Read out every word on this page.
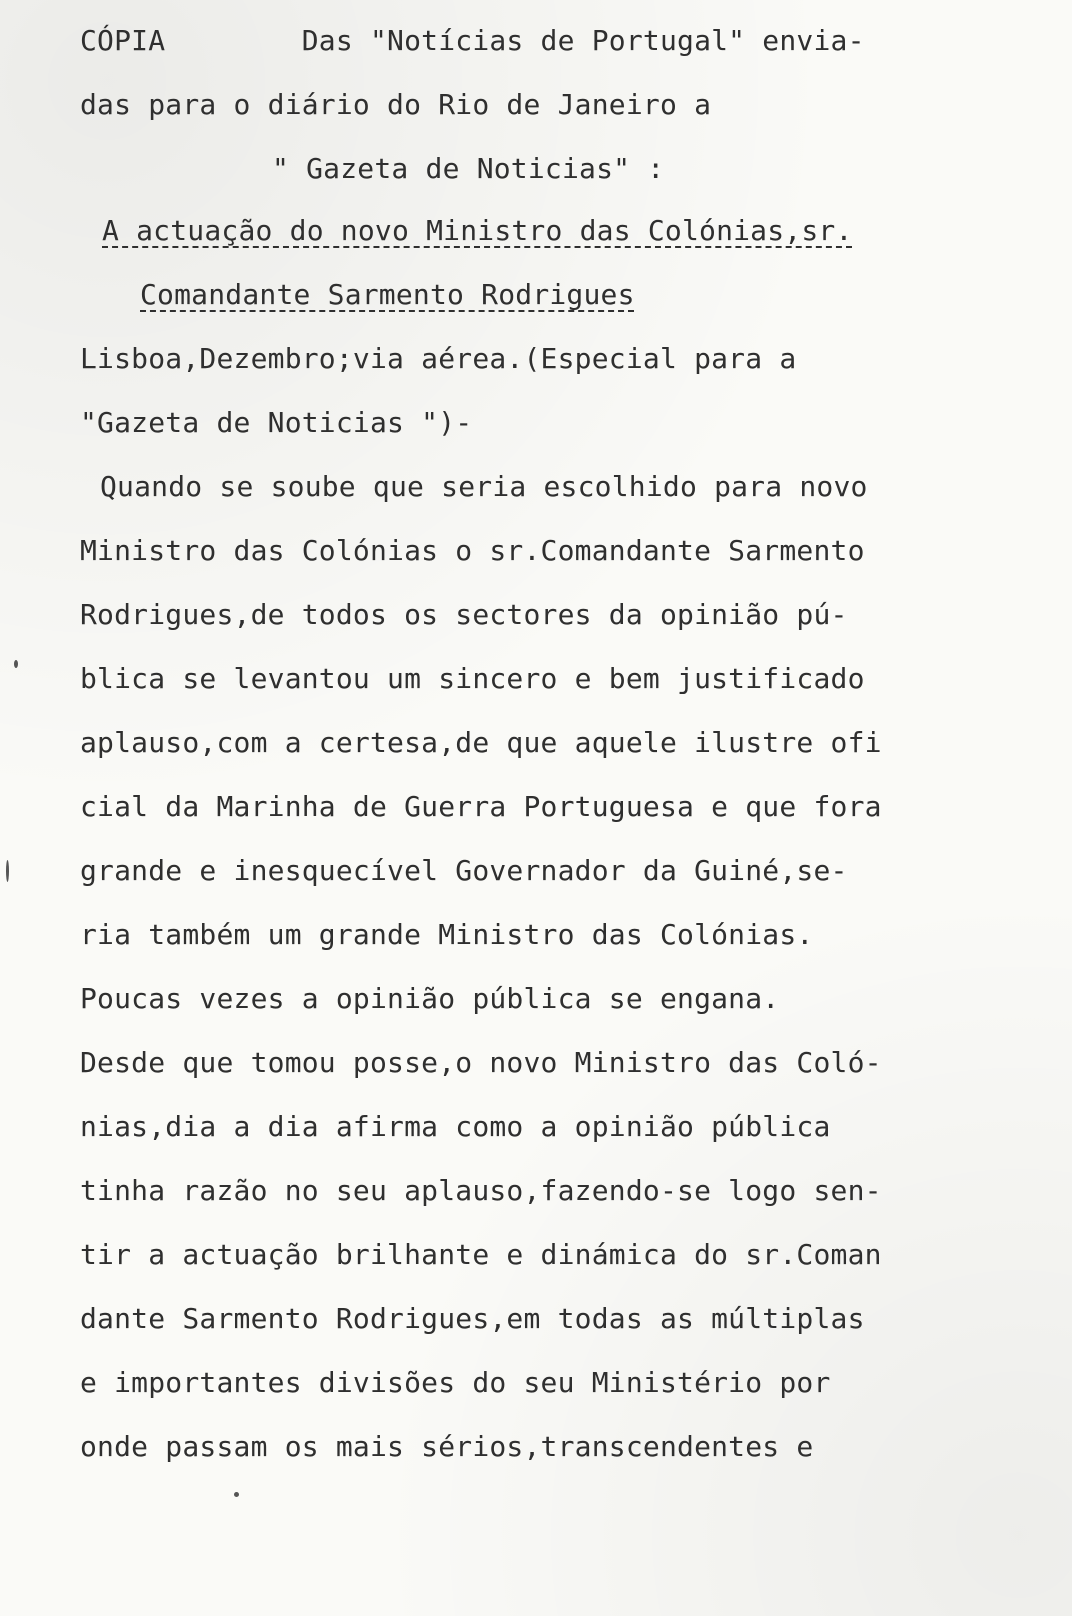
CÓPIA        Das "Notícias de Portugal" envia-
das para o diário do Rio de Janeiro a
" Gazeta de Noticias" :
A actuação do novo Ministro das Colónias,sr.
Comandante Sarmento Rodrigues
Lisboa,Dezembro;via aérea.(Especial para a
"Gazeta de Noticias ")-
Quando se soube que seria escolhido para novo
Ministro das Colónias o sr.Comandante Sarmento
Rodrigues,de todos os sectores da opinião pú-
blica se levantou um sincero e bem justificado
aplauso,com a certesa,de que aquele ilustre ofi
cial da Marinha de Guerra Portuguesa e que fora
grande e inesquecível Governador da Guiné,se-
ria também um grande Ministro das Colónias.
Poucas vezes a opinião pública se engana.
Desde que tomou posse,o novo Ministro das Coló-
nias,dia a dia afirma como a opinião pública
tinha razão no seu aplauso,fazendo-se logo sen-
tir a actuação brilhante e dinámica do sr.Coman
dante Sarmento Rodrigues,em todas as múltiplas
e importantes divisões do seu Ministério por
onde passam os mais sérios,transcendentes e
